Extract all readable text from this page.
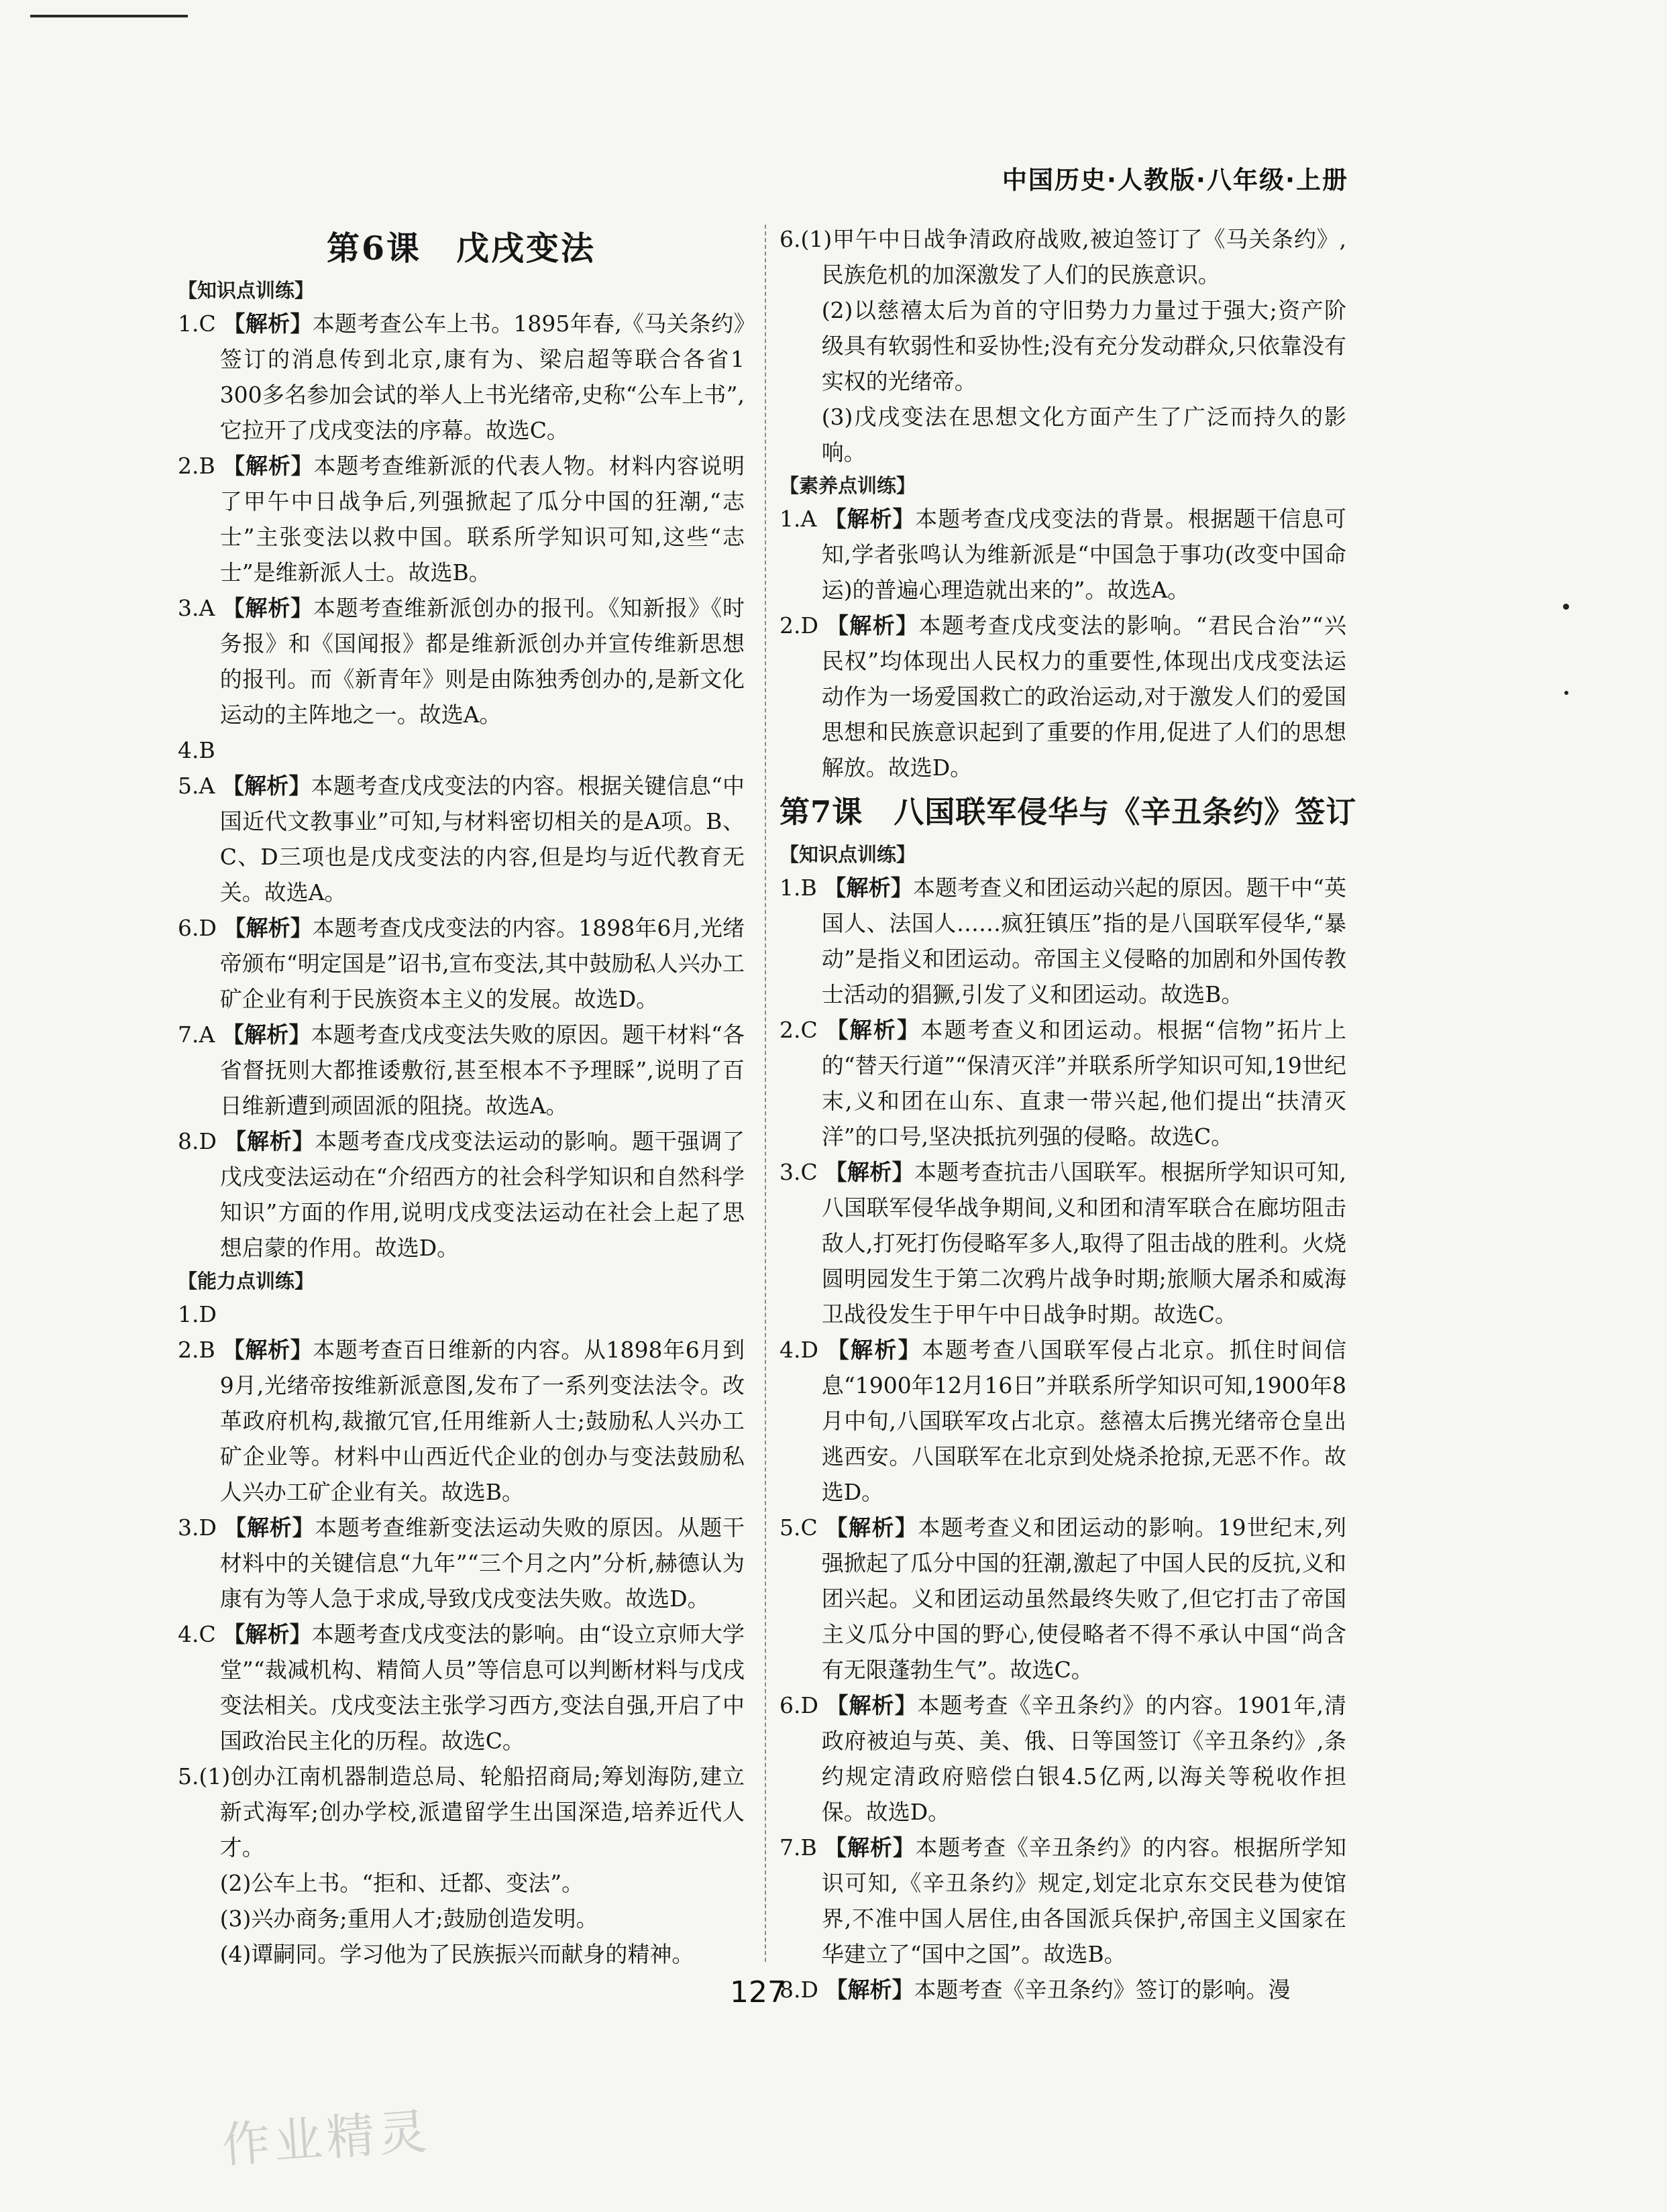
中国历史·人教版·八年级·上册
第6课　戊戌变法
【知识点训练】

1.C 【解析】本题考查公车上书。1895年春,《马关条约》签订的消息传到北京,康有为、梁启超等联合各省1 300多名参加会试的举人上书光绪帝,史称“公车上书”,它拉开了戊戌变法的序幕。故选C。

2.B 【解析】本题考查维新派的代表人物。材料内容说明了甲午中日战争后,列强掀起了瓜分中国的狂潮,“志士”主张变法以救中国。联系所学知识可知,这些“志士”是维新派人士。故选B。

3.A 【解析】本题考查维新派创办的报刊。《知新报》《时务报》和《国闻报》都是维新派创办并宣传维新思想的报刊。而《新青年》则是由陈独秀创办的,是新文化运动的主阵地之一。故选A。

4.B

5.A 【解析】本题考查戊戌变法的内容。根据关键信息“中国近代文教事业”可知,与材料密切相关的是A项。B、C、D三项也是戊戌变法的内容,但是均与近代教育无关。故选A。

6.D 【解析】本题考查戊戌变法的内容。1898年6月,光绪帝颁布“明定国是”诏书,宣布变法,其中鼓励私人兴办工矿企业有利于民族资本主义的发展。故选D。

7.A 【解析】本题考查戊戌变法失败的原因。题干材料“各省督抚则大都推诿敷衍,甚至根本不予理睬”,说明了百日维新遭到顽固派的阻挠。故选A。

8.D 【解析】本题考查戊戌变法运动的影响。题干强调了戊戌变法运动在“介绍西方的社会科学知识和自然科学知识”方面的作用,说明戊戌变法运动在社会上起了思想启蒙的作用。故选D。

【能力点训练】

1.D

2.B 【解析】本题考查百日维新的内容。从1898年6月到9月,光绪帝按维新派意图,发布了一系列变法法令。改革政府机构,裁撤冗官,任用维新人士;鼓励私人兴办工矿企业等。材料中山西近代企业的创办与变法鼓励私人兴办工矿企业有关。故选B。

3.D 【解析】本题考查维新变法运动失败的原因。从题干材料中的关键信息“九年”“三个月之内”分析,赫德认为康有为等人急于求成,导致戊戌变法失败。故选D。

4.C 【解析】本题考查戊戌变法的影响。由“设立京师大学堂”“裁减机构、精简人员”等信息可以判断材料与戊戌变法相关。戊戌变法主张学习西方,变法自强,开启了中国政治民主化的历程。故选C。

5.(1)创办江南机器制造总局、轮船招商局;筹划海防,建立新式海军;创办学校,派遣留学生出国深造,培养近代人才。

(2)公车上书。“拒和、迁都、变法”。

(3)兴办商务;重用人才;鼓励创造发明。

(4)谭嗣同。学习他为了民族振兴而献身的精神。

6.(1)甲午中日战争清政府战败,被迫签订了《马关条约》,民族危机的加深激发了人们的民族意识。

(2)以慈禧太后为首的守旧势力力量过于强大;资产阶级具有软弱性和妥协性;没有充分发动群众,只依靠没有实权的光绪帝。

(3)戊戌变法在思想文化方面产生了广泛而持久的影响。

【素养点训练】

1.A 【解析】本题考查戊戌变法的背景。根据题干信息可知,学者张鸣认为维新派是“中国急于事功(改变中国命运)的普遍心理造就出来的”。故选A。

2.D 【解析】本题考查戊戌变法的影响。“君民合治”“兴民权”均体现出人民权力的重要性,体现出戊戌变法运动作为一场爱国救亡的政治运动,对于激发人们的爱国思想和民族意识起到了重要的作用,促进了人们的思想解放。故选D。

第7课　八国联军侵华与《辛丑条约》签订
【知识点训练】

1.B 【解析】本题考查义和团运动兴起的原因。题干中“英国人、法国人……疯狂镇压”指的是八国联军侵华,“暴动”是指义和团运动。帝国主义侵略的加剧和外国传教士活动的猖獗,引发了义和团运动。故选B。

2.C 【解析】本题考查义和团运动。根据“信物”拓片上的“替天行道”“保清灭洋”并联系所学知识可知,19世纪末,义和团在山东、直隶一带兴起,他们提出“扶清灭洋”的口号,坚决抵抗列强的侵略。故选C。

3.C 【解析】本题考查抗击八国联军。根据所学知识可知,八国联军侵华战争期间,义和团和清军联合在廊坊阻击敌人,打死打伤侵略军多人,取得了阻击战的胜利。火烧圆明园发生于第二次鸦片战争时期;旅顺大屠杀和威海卫战役发生于甲午中日战争时期。故选C。

4.D 【解析】本题考查八国联军侵占北京。抓住时间信息“1900年12月16日”并联系所学知识可知,1900年8月中旬,八国联军攻占北京。慈禧太后携光绪帝仓皇出逃西安。八国联军在北京到处烧杀抢掠,无恶不作。故选D。

5.C 【解析】本题考查义和团运动的影响。19世纪末,列强掀起了瓜分中国的狂潮,激起了中国人民的反抗,义和团兴起。义和团运动虽然最终失败了,但它打击了帝国主义瓜分中国的野心,使侵略者不得不承认中国“尚含有无限蓬勃生气”。故选C。

6.D 【解析】本题考查《辛丑条约》的内容。1901年,清政府被迫与英、美、俄、日等国签订《辛丑条约》,条约规定清政府赔偿白银4.5亿两,以海关等税收作担保。故选D。

7.B 【解析】本题考查《辛丑条约》的内容。根据所学知识可知,《辛丑条约》规定,划定北京东交民巷为使馆界,不准中国人居住,由各国派兵保护,帝国主义国家在华建立了“国中之国”。故选B。

8.D 【解析】本题考查《辛丑条约》签订的影响。漫

127
作业精灵
